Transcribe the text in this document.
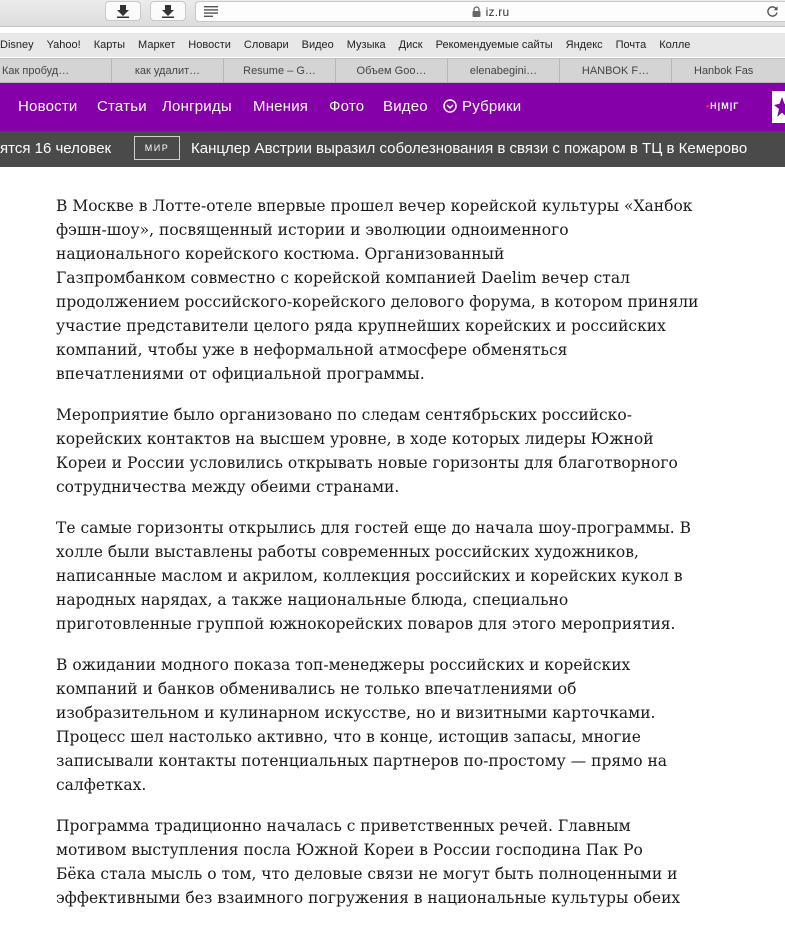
iz.ru
Disney Yahoo! Карты Маркет Новости Словари Видео Музыка Диск Рекомендуемые сайты Яндекс Почта Колле
Как пробуд…	как удалит…	Resume – G…	Объем Goo…	elenabegini…	HANBOK F…	Hanbok Fas
Новости Статьи Лонгриды Мнения Фото Видео Рубрики	•Н|М|Г
ятся 16 человек	МИР	Канцлер Австрии выразил соболезнования в связи с пожаром в ТЦ в Кемерово

В Москве в Лотте-отеле впервые прошел вечер корейской культуры «Ханбок
фэшн-шоу», посвященный истории и эволюции одноименного
национального корейского костюма. Организованный
Газпромбанком совместно с корейской компанией Daelim вечер стал
продолжением российского-корейского делового форума, в котором приняли
участие представители целого ряда крупнейших корейских и российских
компаний, чтобы уже в неформальной атмосфере обменяться
впечатлениями от официальной программы.

Мероприятие было организовано по следам сентябрьских российско-
корейских контактов на высшем уровне, в ходе которых лидеры Южной
Кореи и России условились открывать новые горизонты для благотворного
сотрудничества между обеими странами.

Те самые горизонты открылись для гостей еще до начала шоу-программы. В
холле были выставлены работы современных российских художников,
написанные маслом и акрилом, коллекция российских и корейских кукол в
народных нарядах, а также национальные блюда, специально
приготовленные группой южнокорейских поваров для этого мероприятия.

В ожидании модного показа топ-менеджеры российских и корейских
компаний и банков обменивались не только впечатлениями об
изобразительном и кулинарном искусстве, но и визитными карточками.
Процесс шел настолько активно, что в конце, истощив запасы, многие
записывали контакты потенциальных партнеров по-простому — прямо на
салфетках.

Программа традиционно началась с приветственных речей. Главным
мотивом выступления посла Южной Кореи в России господина Пак Ро
Бёка стала мысль о том, что деловые связи не могут быть полноценными и
эффективными без взаимного погружения в национальные культуры обеих
